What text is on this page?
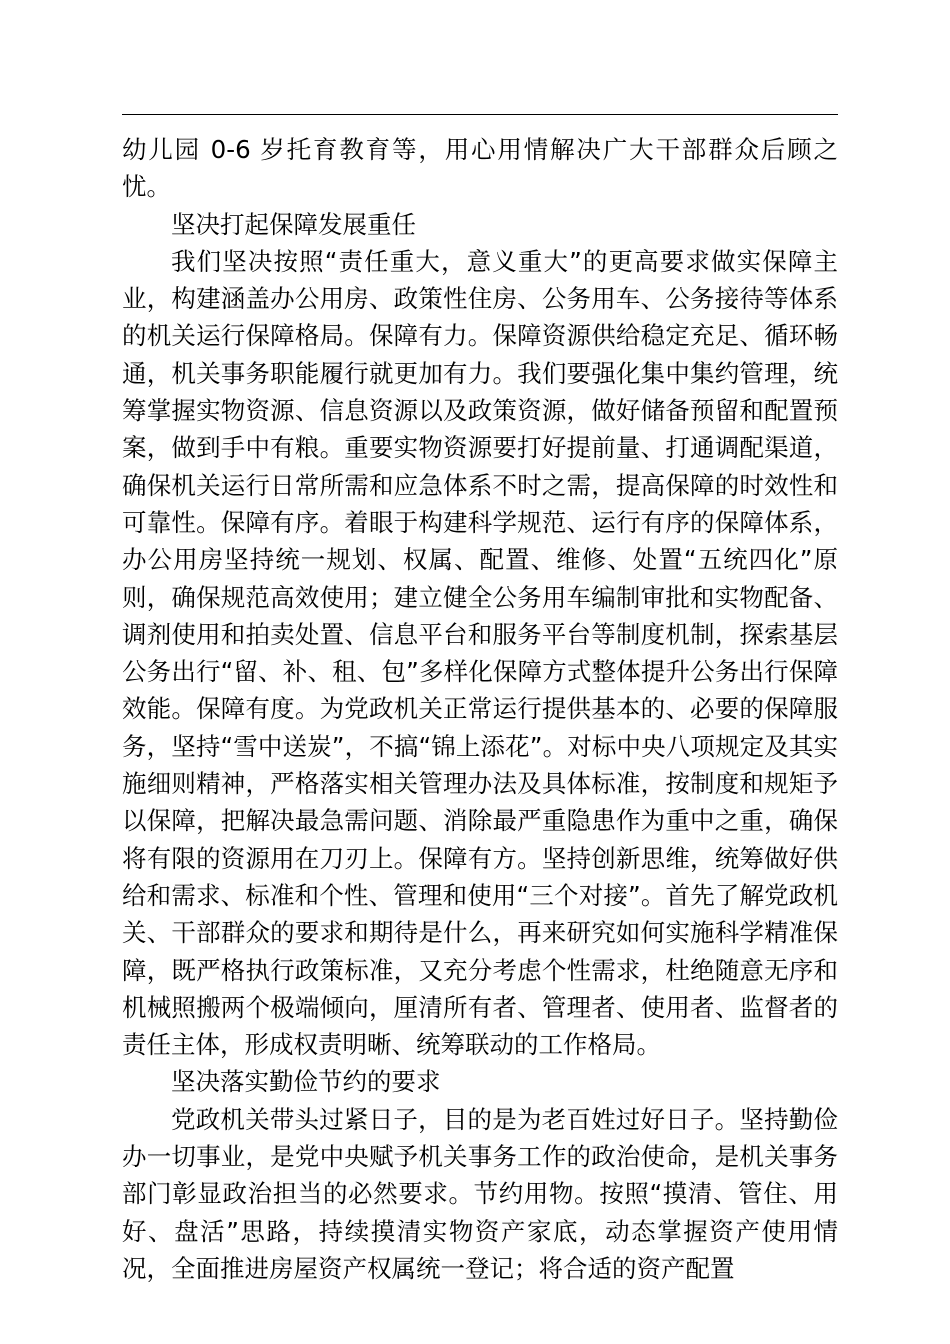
幼儿园 0-6 岁托育教育等，用心用情解决广大干部群众后顾之忧。

坚决打起保障发展重任

我们坚决按照“责任重大，意义重大”的更高要求做实保障主业，构建涵盖办公用房、政策性住房、公务用车、公务接待等体系的机关运行保障格局。保障有力。保障资源供给稳定充足、循环畅通，机关事务职能履行就更加有力。我们要强化集中集约管理，统筹掌握实物资源、信息资源以及政策资源，做好储备预留和配置预案，做到手中有粮。重要实物资源要打好提前量、打通调配渠道，确保机关运行日常所需和应急体系不时之需，提高保障的时效性和可靠性。保障有序。着眼于构建科学规范、运行有序的保障体系，办公用房坚持统一规划、权属、配置、维修、处置“五统四化”原则，确保规范高效使用；建立健全公务用车编制审批和实物配备、调剂使用和拍卖处置、信息平台和服务平台等制度机制，探索基层公务出行“留、补、租、包”多样化保障方式整体提升公务出行保障效能。保障有度。为党政机关正常运行提供基本的、必要的保障服务，坚持“雪中送炭”，不搞“锦上添花”。对标中央八项规定及其实施细则精神，严格落实相关管理办法及具体标准，按制度和规矩予以保障，把解决最急需问题、消除最严重隐患作为重中之重，确保将有限的资源用在刀刃上。保障有方。坚持创新思维，统筹做好供给和需求、标准和个性、管理和使用“三个对接”。首先了解党政机关、干部群众的要求和期待是什么，再来研究如何实施科学精准保障，既严格执行政策标准，又充分考虑个性需求，杜绝随意无序和机械照搬两个极端倾向，厘清所有者、管理者、使用者、监督者的责任主体，形成权责明晰、统筹联动的工作格局。

坚决落实勤俭节约的要求

党政机关带头过紧日子，目的是为老百姓过好日子。坚持勤俭办一切事业，是党中央赋予机关事务工作的政治使命，是机关事务部门彰显政治担当的必然要求。节约用物。按照“摸清、管住、用好、盘活”思路，持续摸清实物资产家底，动态掌握资产使用情况，全面推进房屋资产权属统一登记；将合适的资产配置
